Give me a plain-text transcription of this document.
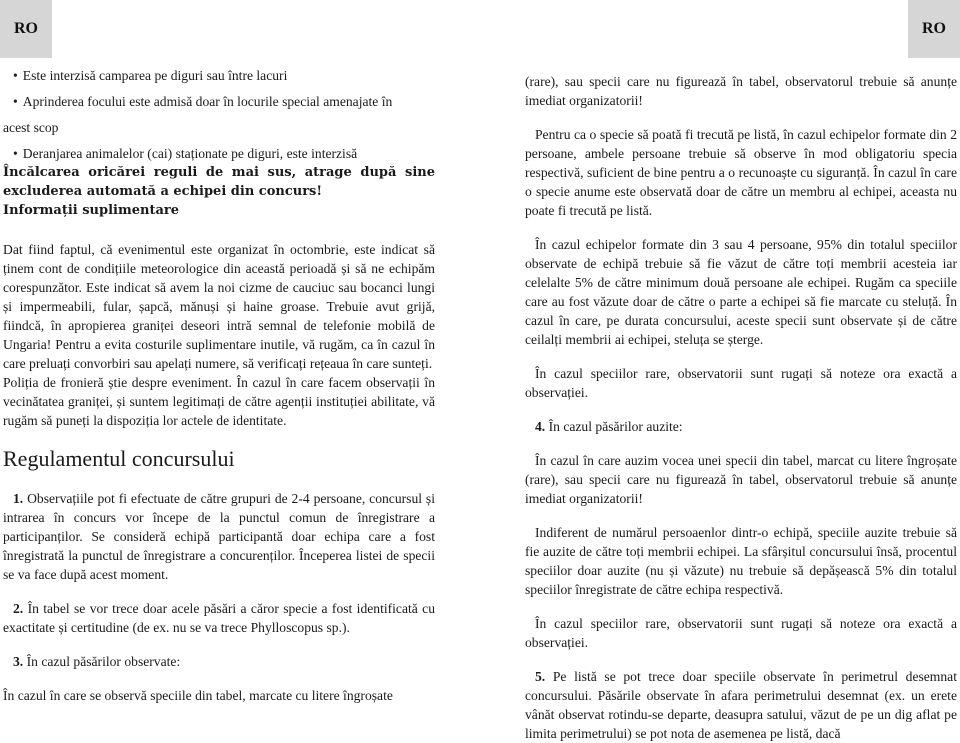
RO	RO

• Este interzisă camparea pe diguri sau între lacuri

• Aprinderea focului este admisă doar în locurile special amenajate în

acest scop

• Deranjarea animalelor (cai) staționate pe diguri, este interzisă

Încălcarea oricărei reguli de mai sus, atrage după sine excluderea automată a echipei din concurs!

Informații suplimentare

Dat fiind faptul, că evenimentul este organizat în octombrie, este indicat să ținem cont de condițiile meteorologice din această perioadă și să ne echipăm corespunzător. Este indicat să avem la noi cizme de cauciuc sau bocanci lungi și impermeabili, fular, șapcă, mănuși și haine groase. Trebuie avut grijă, fiindcă, în apropierea graniței deseori intră semnal de telefonie mobilă de Ungaria! Pentru a evita costurile suplimentare inutile, vă rugăm, ca în cazul în care preluați convorbiri sau apelați numere, să verificați rețeaua în care sunteți.

Poliția de fronieră știe despre eveniment. În cazul în care facem observații în vecinătatea graniței, și suntem legitimați de către agenții instituției abilitate, vă rugăm să puneți la dispoziția lor actele de identitate.

Regulamentul concursului

1. Observațiile pot fi efectuate de către grupuri de 2-4 persoane, concursul și intrarea în concurs vor începe de la punctul comun de înregistrare a participanților. Se consideră echipă participantă doar echipa care a fost înregistrată la punctul de înregistrare a concurenților. Începerea listei de specii se va face după acest moment.

2. În tabel se vor trece doar acele păsări a căror specie a fost identificată cu exactitate și certitudine (de ex. nu se va trece Phylloscopus sp.).

3. În cazul păsărilor observate:

În cazul în care se observă speciile din tabel, marcate cu litere îngroșate

(rare), sau specii care nu figurează în tabel, observatorul trebuie să anunțe imediat organizatorii!

Pentru ca o specie să poată fi trecută pe listă, în cazul echipelor formate din 2 persoane, ambele persoane trebuie să observe în mod obligatoriu specia respectivă, suficient de bine pentru a o recunoaște cu siguranță. În cazul în care o specie anume este observată doar de către un membru al echipei, aceasta nu poate fi trecută pe listă.

În cazul echipelor formate din 3 sau 4 persoane, 95% din totalul speciilor observate de echipă trebuie să fie văzut de către toți membrii acesteia iar celelalte 5% de către minimum două persoane ale echipei. Rugăm ca speciile care au fost văzute doar de către o parte a echipei să fie marcate cu steluță. În cazul în care, pe durata concursului, aceste specii sunt observate și de către ceilalți membrii ai echipei, steluța se șterge.

În cazul speciilor rare, observatorii sunt rugați să noteze ora exactă a observației.

4. În cazul păsărilor auzite:

În cazul în care auzim vocea unei specii din tabel, marcat cu litere îngroșate (rare), sau specii care nu figurează în tabel, observatorul trebuie să anunțe imediat organizatorii!

Indiferent de numărul persoaenlor dintr-o echipă, speciile auzite trebuie să fie auzite de către toți membrii echipei. La sfârșitul concursului însă, procentul speciilor doar auzite (nu și văzute) nu trebuie să depășească 5% din totalul speciilor înregistrate de către echipa respectivă.

În cazul speciilor rare, observatorii sunt rugați să noteze ora exactă a observației.

5. Pe listă se pot trece doar speciile observate în perimetrul desemnat concursului. Păsările observate în afara perimetrului desemnat (ex. un erete vânăt observat rotindu-se departe, deasupra satului, văzut de pe un dig aflat pe limita perimetrului) se pot nota de asemenea pe listă, dacă
